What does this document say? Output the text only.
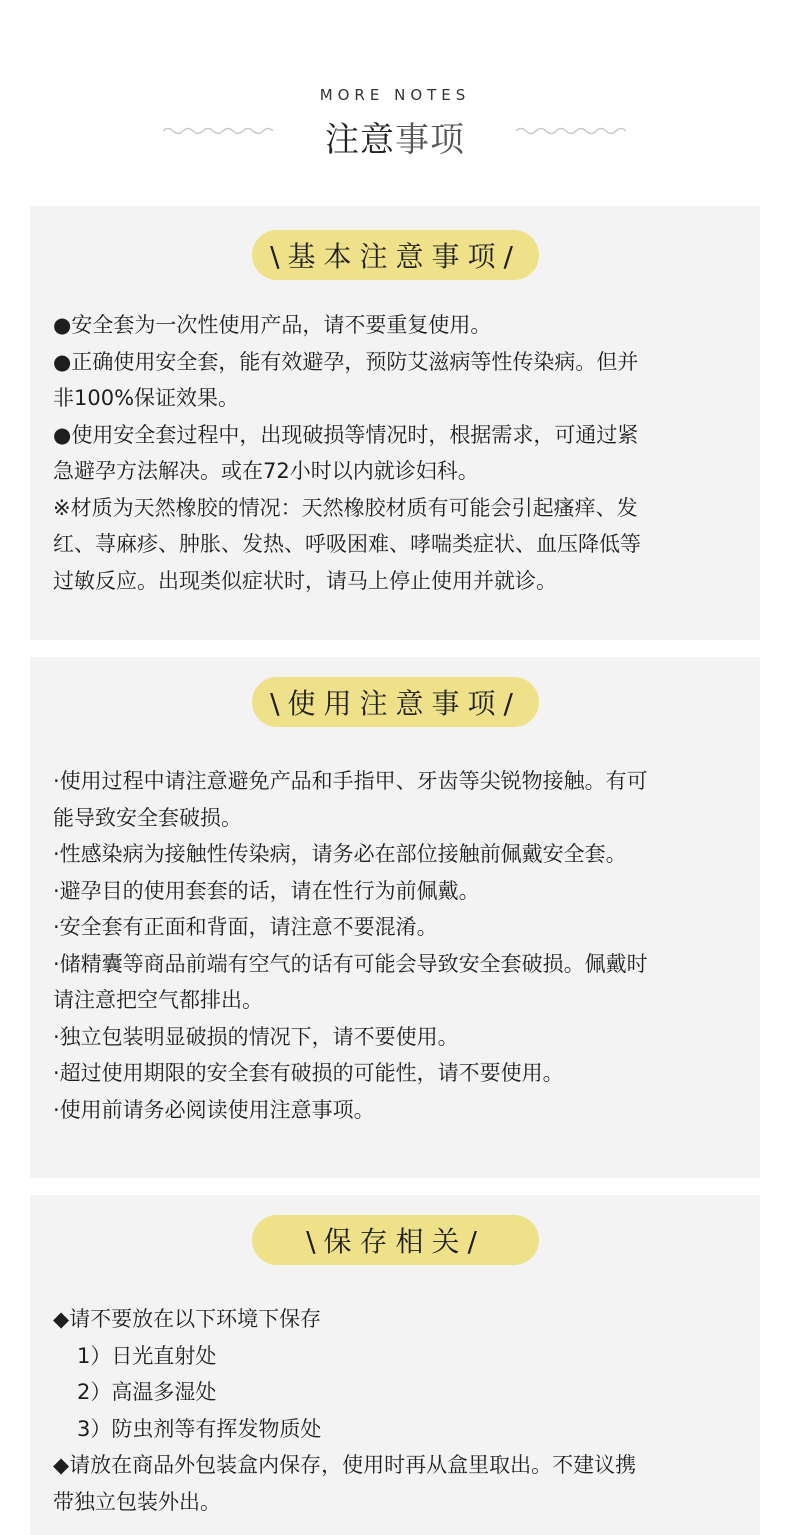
MORE NOTES
注意事项
\基本注意事项/

●安全套为一次性使用产品，请不要重复使用。

●正确使用安全套，能有效避孕，预防艾滋病等性传染病。但并

非100%保证效果。

●使用安全套过程中，出现破损等情况时，根据需求，可通过紧

急避孕方法解决。或在72小时以内就诊妇科。

※材质为天然橡胶的情况：天然橡胶材质有可能会引起瘙痒、发

红、荨麻疹、肿胀、发热、呼吸困难、哮喘类症状、血压降低等

过敏反应。出现类似症状时，请马上停止使用并就诊。

\使用注意事项/

·使用过程中请注意避免产品和手指甲、牙齿等尖锐物接触。有可

能导致安全套破损。

·性感染病为接触性传染病，请务必在部位接触前佩戴安全套。

·避孕目的使用套套的话，请在性行为前佩戴。

·安全套有正面和背面，请注意不要混淆。

·储精囊等商品前端有空气的话有可能会导致安全套破损。佩戴时

请注意把空气都排出。

·独立包装明显破损的情况下，请不要使用。

·超过使用期限的安全套有破损的可能性，请不要使用。

·使用前请务必阅读使用注意事项。

\保存相关/

◆请不要放在以下环境下保存

1）日光直射处

2）高温多湿处

3）防虫剂等有挥发物质处

◆请放在商品外包装盒内保存，使用时再从盒里取出。不建议携

带独立包装外出。
